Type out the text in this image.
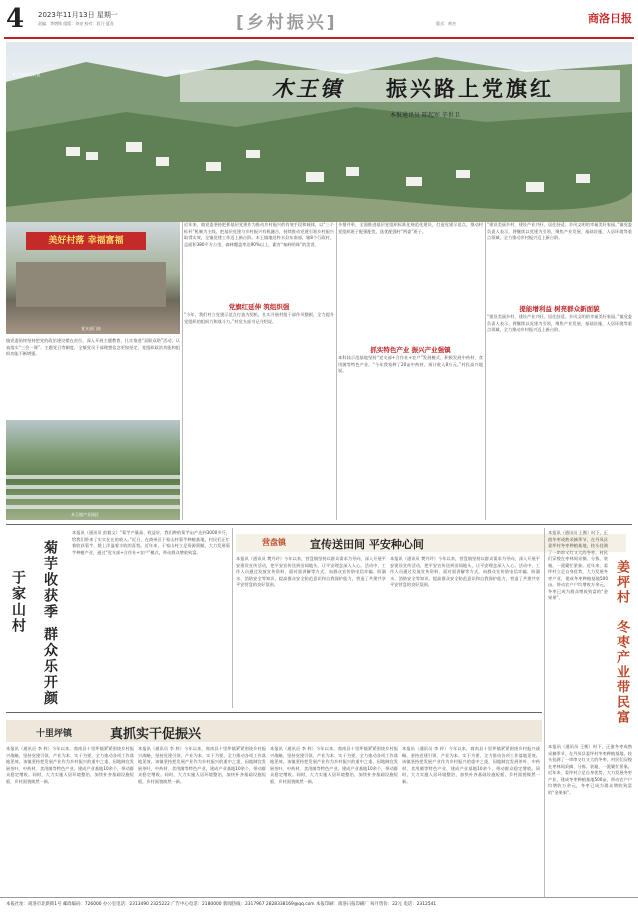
4 2023年11月13日 星期一
责编：李增锋 组版：刘亮 校对：段乃 夏苏	[乡村振兴]	版式：黄杰	商洛日报
木王镇集镇新貌
木王镇 振兴路上党旗红
本报通讯员 陈起军 辛世卫
美好村落 幸福富福
党支部门前
木王镇产业园区
镇党委始终坚持把党的政治建设摆在首位，深入开展主题教育，扎实推进“双联双助”活动，认真落实“三会一课”、主题党日等制度，全镇党员干部理想信念更加坚定，党组织政治功能和组织功能不断增强。
近年来，镇党委坚持把抓基层党建作为推动乡村振兴的有效手段和载体，以“三个标杆”机制为主线，把基层党建与乡村振兴有机融合，持续推动党建引领乡村振兴取得实效，全镇党建工作迈上新台阶。木王镇地处柞水县东南部，辖8个行政村，总面积380平方公里，森林覆盖率达90%以上，素有“秦岭明珠”的美誉。
党旗红延伸 筑组织强
“今年，我们村立党建示范点打造为契机，扎实开展村组干部作风整顿，全力提升党组织的组织力和战斗力。”村党支部书记介绍说。
多措并举，全面推进基层党组织标准化规范化建设，打造党建示范点，推动村党组织班子配强配优，选优配强村“两委”班子。
抓实特色产业 振兴产业强镇
本科技示范基地坚持“党支部+合作社+农户”发展模式，积极发展中药材、食用菌等特色产业。“今年我家种了20亩中药材，预计收入8万元。”村民高兴地说。
“建设美丽乡村、建设产业兴旺、居住舒适、乡风文明的幸福美好家园。”镇党委负责人表示，将继续以党建为引领，聚焦产业发展、基础设施、人居环境等重点领域，全力推动乡村振兴迈上新台阶。
提能增利益 树亮群众新面貌
“建设美丽乡村、建设产业兴旺、居住舒适、乡风文明的幸福美好家园。”镇党委负责人表示，将继续以党建为引领，聚焦产业发展、基础设施、人居环境等重点领域，全力推动乡村振兴迈上新台阶。
于家山村 菊芋收获季 群众乐开颜
本报讯（通讯员 彭毅文）“菊芋产量高、收益好，我们种的菊芋亩产达到3000多斤，给我们带来了实实在在的收入。”近日，在商州区于家山村菊芋种植基地，村民们正忙着收获菊芋，脸上洋溢着丰收的喜悦。近年来，于家山村立足资源禀赋，大力发展菊芋种植产业，通过“党支部+合作社+农户”模式，带动群众增收致富。
营盘镇 宣传送田间 平安种心间
本报讯（通讯员 樊丹玲）今年以来，营盘镇坚持以群众需求为导向，深入开展平安建设宣传活动，把平安宣传送到田间地头，让平安理念深入人心。活动中，工作人员通过发放宣传资料、面对面讲解等方式，向群众宣传防电信诈骗、防溺水、消防安全等知识，提高群众安全防范意识和自我保护能力，营造了共建共享平安营盘的良好氛围。
本报讯（通讯员 樊丹玲）今年以来，营盘镇坚持以群众需求为导向，深入开展平安建设宣传活动，把平安宣传送到田间地头，让平安理念深入人心。活动中，工作人员通过发放宣传资料、面对面讲解等方式，向群众宣传防电信诈骗、防溺水、消防安全等知识，提高群众安全防范意识和自我保护能力，营造了共建共享平安营盘的良好氛围。
本报讯（通讯员 王衡）时下，正值冬枣成熟采摘季节，在丹凤县姜坪村冬枣种植基地，枝头挂满了一串串又红又大的冬枣，村民们穿梭在枣林间采摘、分拣、装箱，一派繁忙景象。近年来，姜坪村立足自身优势，大力发展冬枣产业，建成冬枣种植基地500亩，带动农户户均增收万余元，冬枣已成为群众增收致富的“金果果”。	姜坪村
冬枣产业带民富
本报讯（通讯员 王衡）时下，正值冬枣成熟采摘季节，在丹凤县姜坪村冬枣种植基地，枝头挂满了一串串又红又大的冬枣，村民们穿梭在枣林间采摘、分拣、装箱，一派繁忙景象。近年来，姜坪村立足自身优势，大力发展冬枣产业，建成冬枣种植基地500亩，带动农户户均增收万余元，冬枣已成为群众增收致富的“金果果”。
十里坪镇	真抓实干促振兴
本报讯（通讯员 李 梓）今年以来，商南县十里坪镇紧紧围绕乡村振兴战略，坚持党建引领、产业为本、实干为要，全力推动各项工作落地见效。该镇坚持把发展产业作为乡村振兴的重中之重，因地制宜发展茶叶、中药材、食用菌等特色产业，建成产业基地10余个，带动群众稳定增收。同时，大力实施人居环境整治，加快补齐基础设施短板，乡村面貌焕然一新。
本报讯（通讯员 李 梓）今年以来，商南县十里坪镇紧紧围绕乡村振兴战略，坚持党建引领、产业为本、实干为要，全力推动各项工作落地见效。该镇坚持把发展产业作为乡村振兴的重中之重，因地制宜发展茶叶、中药材、食用菌等特色产业，建成产业基地10余个，带动群众稳定增收。同时，大力实施人居环境整治，加快补齐基础设施短板，乡村面貌焕然一新。
本报讯（通讯员 李 梓）今年以来，商南县十里坪镇紧紧围绕乡村振兴战略，坚持党建引领、产业为本、实干为要，全力推动各项工作落地见效。该镇坚持把发展产业作为乡村振兴的重中之重，因地制宜发展茶叶、中药材、食用菌等特色产业，建成产业基地10余个，带动群众稳定增收。同时，大力实施人居环境整治，加快补齐基础设施短板，乡村面貌焕然一新。
本报讯（通讯员 李 梓）今年以来，商南县十里坪镇紧紧围绕乡村振兴战略，坚持党建引领、产业为本、实干为要，全力推动各项工作落地见效。该镇坚持把发展产业作为乡村振兴的重中之重，因地制宜发展茶叶、中药材、食用菌等特色产业，建成产业基地10余个，带动群众稳定增收。同时，大力实施人居环境整治，加快补齐基础设施短板，乡村面貌焕然一新。
本报社址：商洛市北新街1号 邮政编码：726000 办公室电话：2313490 2325222 广告中心电话：2180000 新闻热线：2317967 2828338169@qq.com 本报印刷：商洛日报印刷厂 每月售价：22元 电话：2312541
